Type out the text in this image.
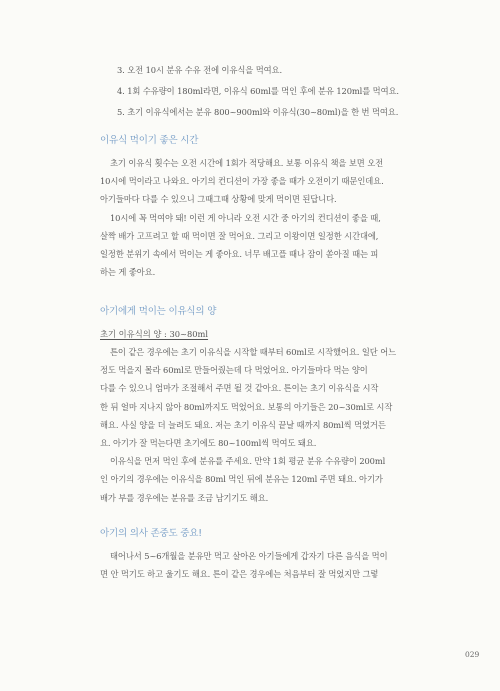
3. 오전 10시 분유 수유 전에 이유식을 먹여요.
4. 1회 수유량이 180ml라면, 이유식 60ml를 먹인 후에 분유 120ml를 먹여요.
5. 초기 이유식에서는 분유 800~900ml와 이유식(30~80ml)을 한 번 먹여요.
이유식 먹이기 좋은 시간
초기 이유식 횟수는 오전 시간에 1회가 적당해요. 보통 이유식 책을 보면 오전
10시에 먹이라고 나와요. 아기의 컨디션이 가장 좋을 때가 오전이기 때문인데요.
아기들마다 다를 수 있으니 그때그때 상황에 맞게 먹이면 된답니다.
10시에 꼭 먹여야 돼! 이런 게 아니라 오전 시간 중 아기의 컨디션이 좋을 때,
살짝 배가 고프려고 할 때 먹이면 잘 먹어요. 그리고 이왕이면 일정한 시간대에,
일정한 분위기 속에서 먹이는 게 좋아요. 너무 배고플 때나 잠이 쏟아질 때는 피
하는 게 좋아요.
아기에게 먹이는 이유식의 양
초기 이유식의 양 : 30~80ml
튼이 같은 경우에는 초기 이유식을 시작할 때부터 60ml로 시작했어요. 일단 어느
정도 먹을지 몰라 60ml로 만들어줬는데 다 먹었어요. 아기들마다 먹는 양이
다를 수 있으니 엄마가 조절해서 주면 될 것 같아요. 튼이는 초기 이유식을 시작
한 뒤 얼마 지나지 않아 80ml까지도 먹었어요. 보통의 아기들은 20~30ml로 시작
해요. 사실 양을 더 늘려도 돼요. 저는 초기 이유식 끝날 때까지 80ml씩 먹였거든
요. 아기가 잘 먹는다면 초기에도 80~100ml씩 먹여도 돼요.
이유식을 먼저 먹인 후에 분유를 주세요. 만약 1회 평균 분유 수유량이 200ml
인 아기의 경우에는 이유식을 80ml 먹인 뒤에 분유는 120ml 주면 돼요. 아기가
배가 부를 경우에는 분유를 조금 남기기도 해요.
아기의 의사 존중도 중요!
태어나서 5~6개월을 분유만 먹고 살아온 아기들에게 갑자기 다른 음식을 먹이
면 안 먹기도 하고 울기도 해요. 튼이 같은 경우에는 처음부터 잘 먹었지만 그렇
029
